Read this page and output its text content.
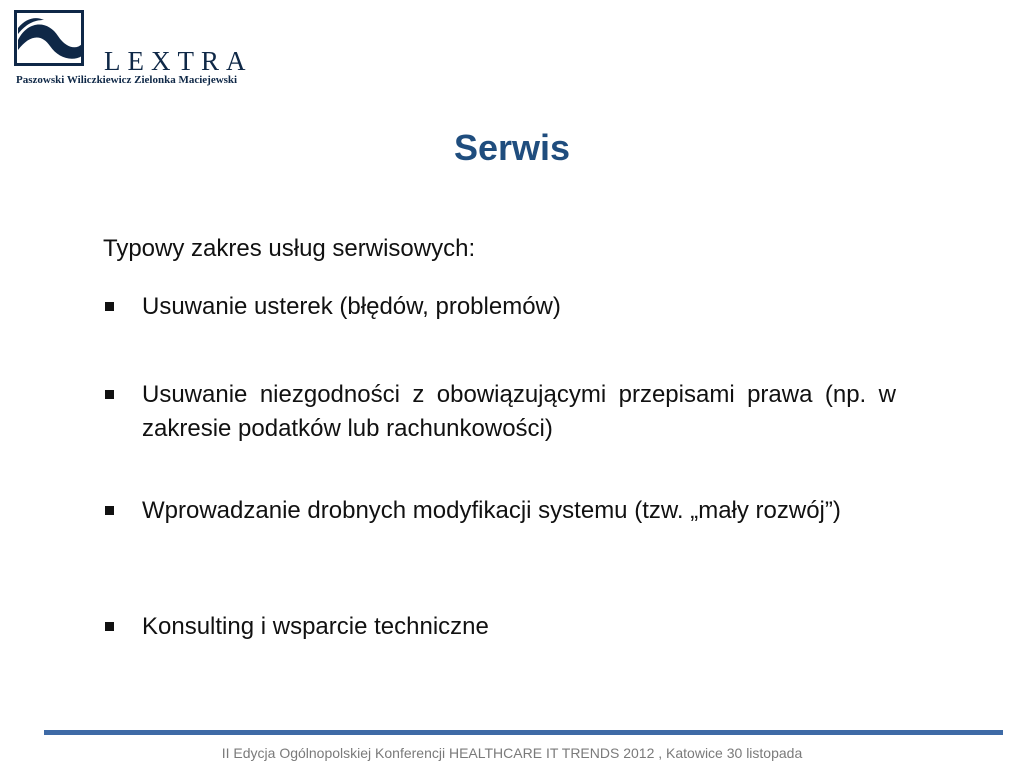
LEXTRA
Paszowski Wiliczkiewicz Zielonka Maciejewski
Serwis
Typowy zakres usług serwisowych:
Usuwanie usterek (błędów, problemów)
Usuwanie niezgodności z obowiązującymi przepisami prawa (np. w zakresie podatków lub rachunkowości)
Wprowadzanie drobnych modyfikacji systemu (tzw. „mały rozwój”)
Konsulting i wsparcie techniczne
II Edycja Ogólnopolskiej Konferencji HEALTHCARE IT TRENDS 2012 , Katowice 30 listopada
